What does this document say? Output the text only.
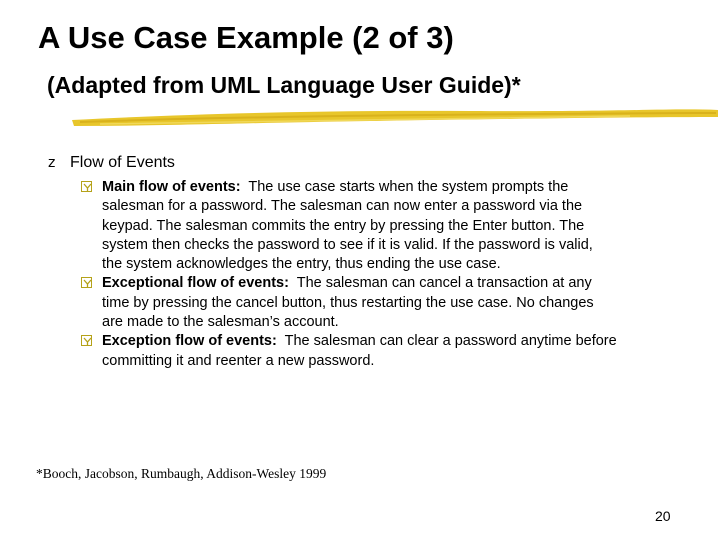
A Use Case Example (2 of 3)
(Adapted from UML Language User Guide)*
z Flow of Events
Main flow of events: The use case starts when the system prompts the
salesman for a password. The salesman can now enter a password via the
keypad. The salesman commits the entry by pressing the Enter button. The
system then checks the password to see if it is valid. If the password is valid,
the system acknowledges the entry, thus ending the use case.
Exceptional flow of events: The salesman can cancel a transaction at any
time by pressing the cancel button, thus restarting the use case. No changes
are made to the salesman’s account.
Exception flow of events: The salesman can clear a password anytime before
committing it and reenter a new password.
*Booch, Jacobson, Rumbaugh, Addison-Wesley 1999
20
